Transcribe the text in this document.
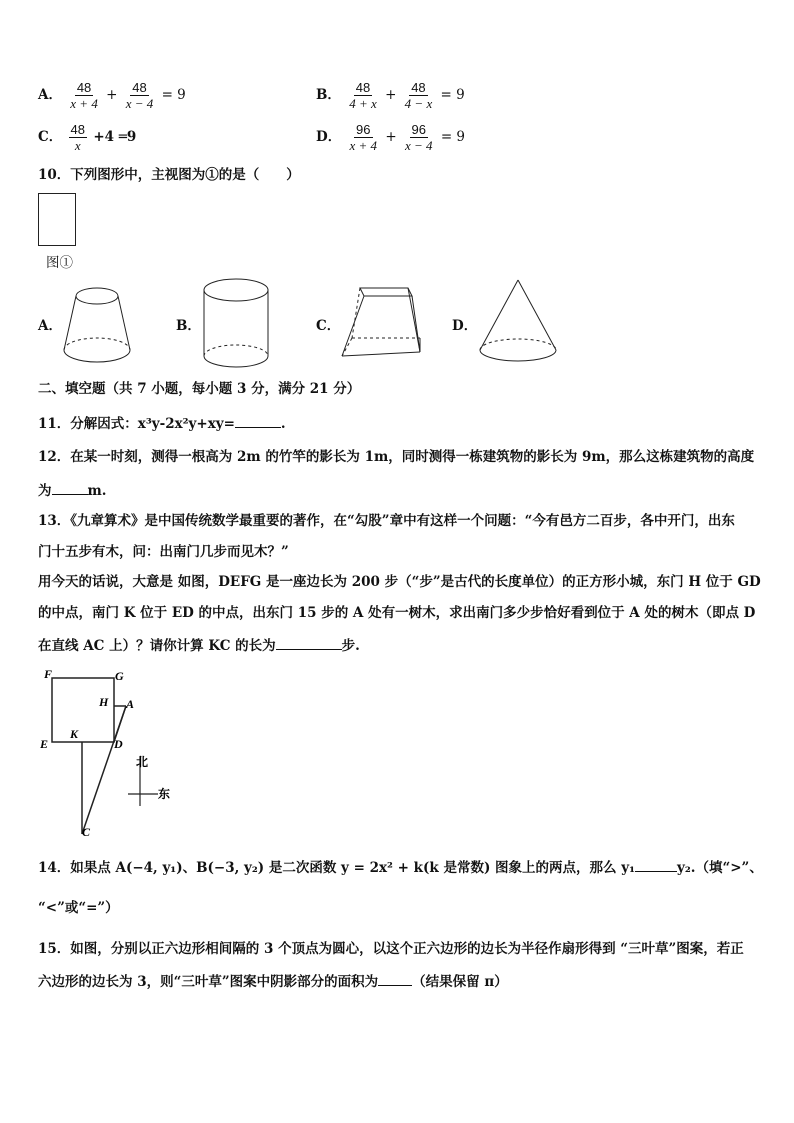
A． $\frac{48}{x + 4} + \frac{48}{x - 4} = 9$	B． $\frac{48}{4 + x} + \frac{48}{4 - x} = 9$
C． $\frac{48}{x} +4$ ═9	D． $\frac{96}{x + 4} + \frac{96}{x - 4} = 9$
10．下列图形中，主视图为①的是（　　）
图①
A．	B．	C．	D．
二、填空题（共 7 小题，每小题 3 分，满分 21 分）
11．分解因式：x³y-2x²y+xy=	.
12．在某一时刻，测得一根高为 2m 的竹竿的影长为 1m，同时测得一栋建筑物的影长为 9m，那么这栋建筑物的高度
为	m.
13．《九章算术》是中国传统数学最重要的著作，在“勾股”章中有这样一个问题：“今有邑方二百步，各中开门，出东
门十五步有木，问：出南门几步而见木？”
用今天的话说，大意是 如图，DEFG 是一座边长为 200 步（“步”是古代的长度单位）的正方形小城，东门 H 位于 GD
的中点，南门 K 位于 ED 的中点，出东门 15 步的 A 处有一树木，求出南门多少步恰好看到位于 A 处的树木（即点 D
在直线 AC 上）？请你计算 KC 的长为	步.
F	G
H A
E
K
D
C
北
东
14．如果点 A(−4, y₁)、B(−3, y₂) 是二次函数 y = 2x² + k(k 是常数) 图象上的两点，那么 y₁	y₂.（填“>”、
“<”或“=”）
15．如图，分别以正六边形相间隔的 3 个顶点为圆心，以这个正六边形的边长为半径作扇形得到 “三叶草”图案，若正
六边形的边长为 3，则“三叶草”图案中阴影部分的面积为	（结果保留 π）
